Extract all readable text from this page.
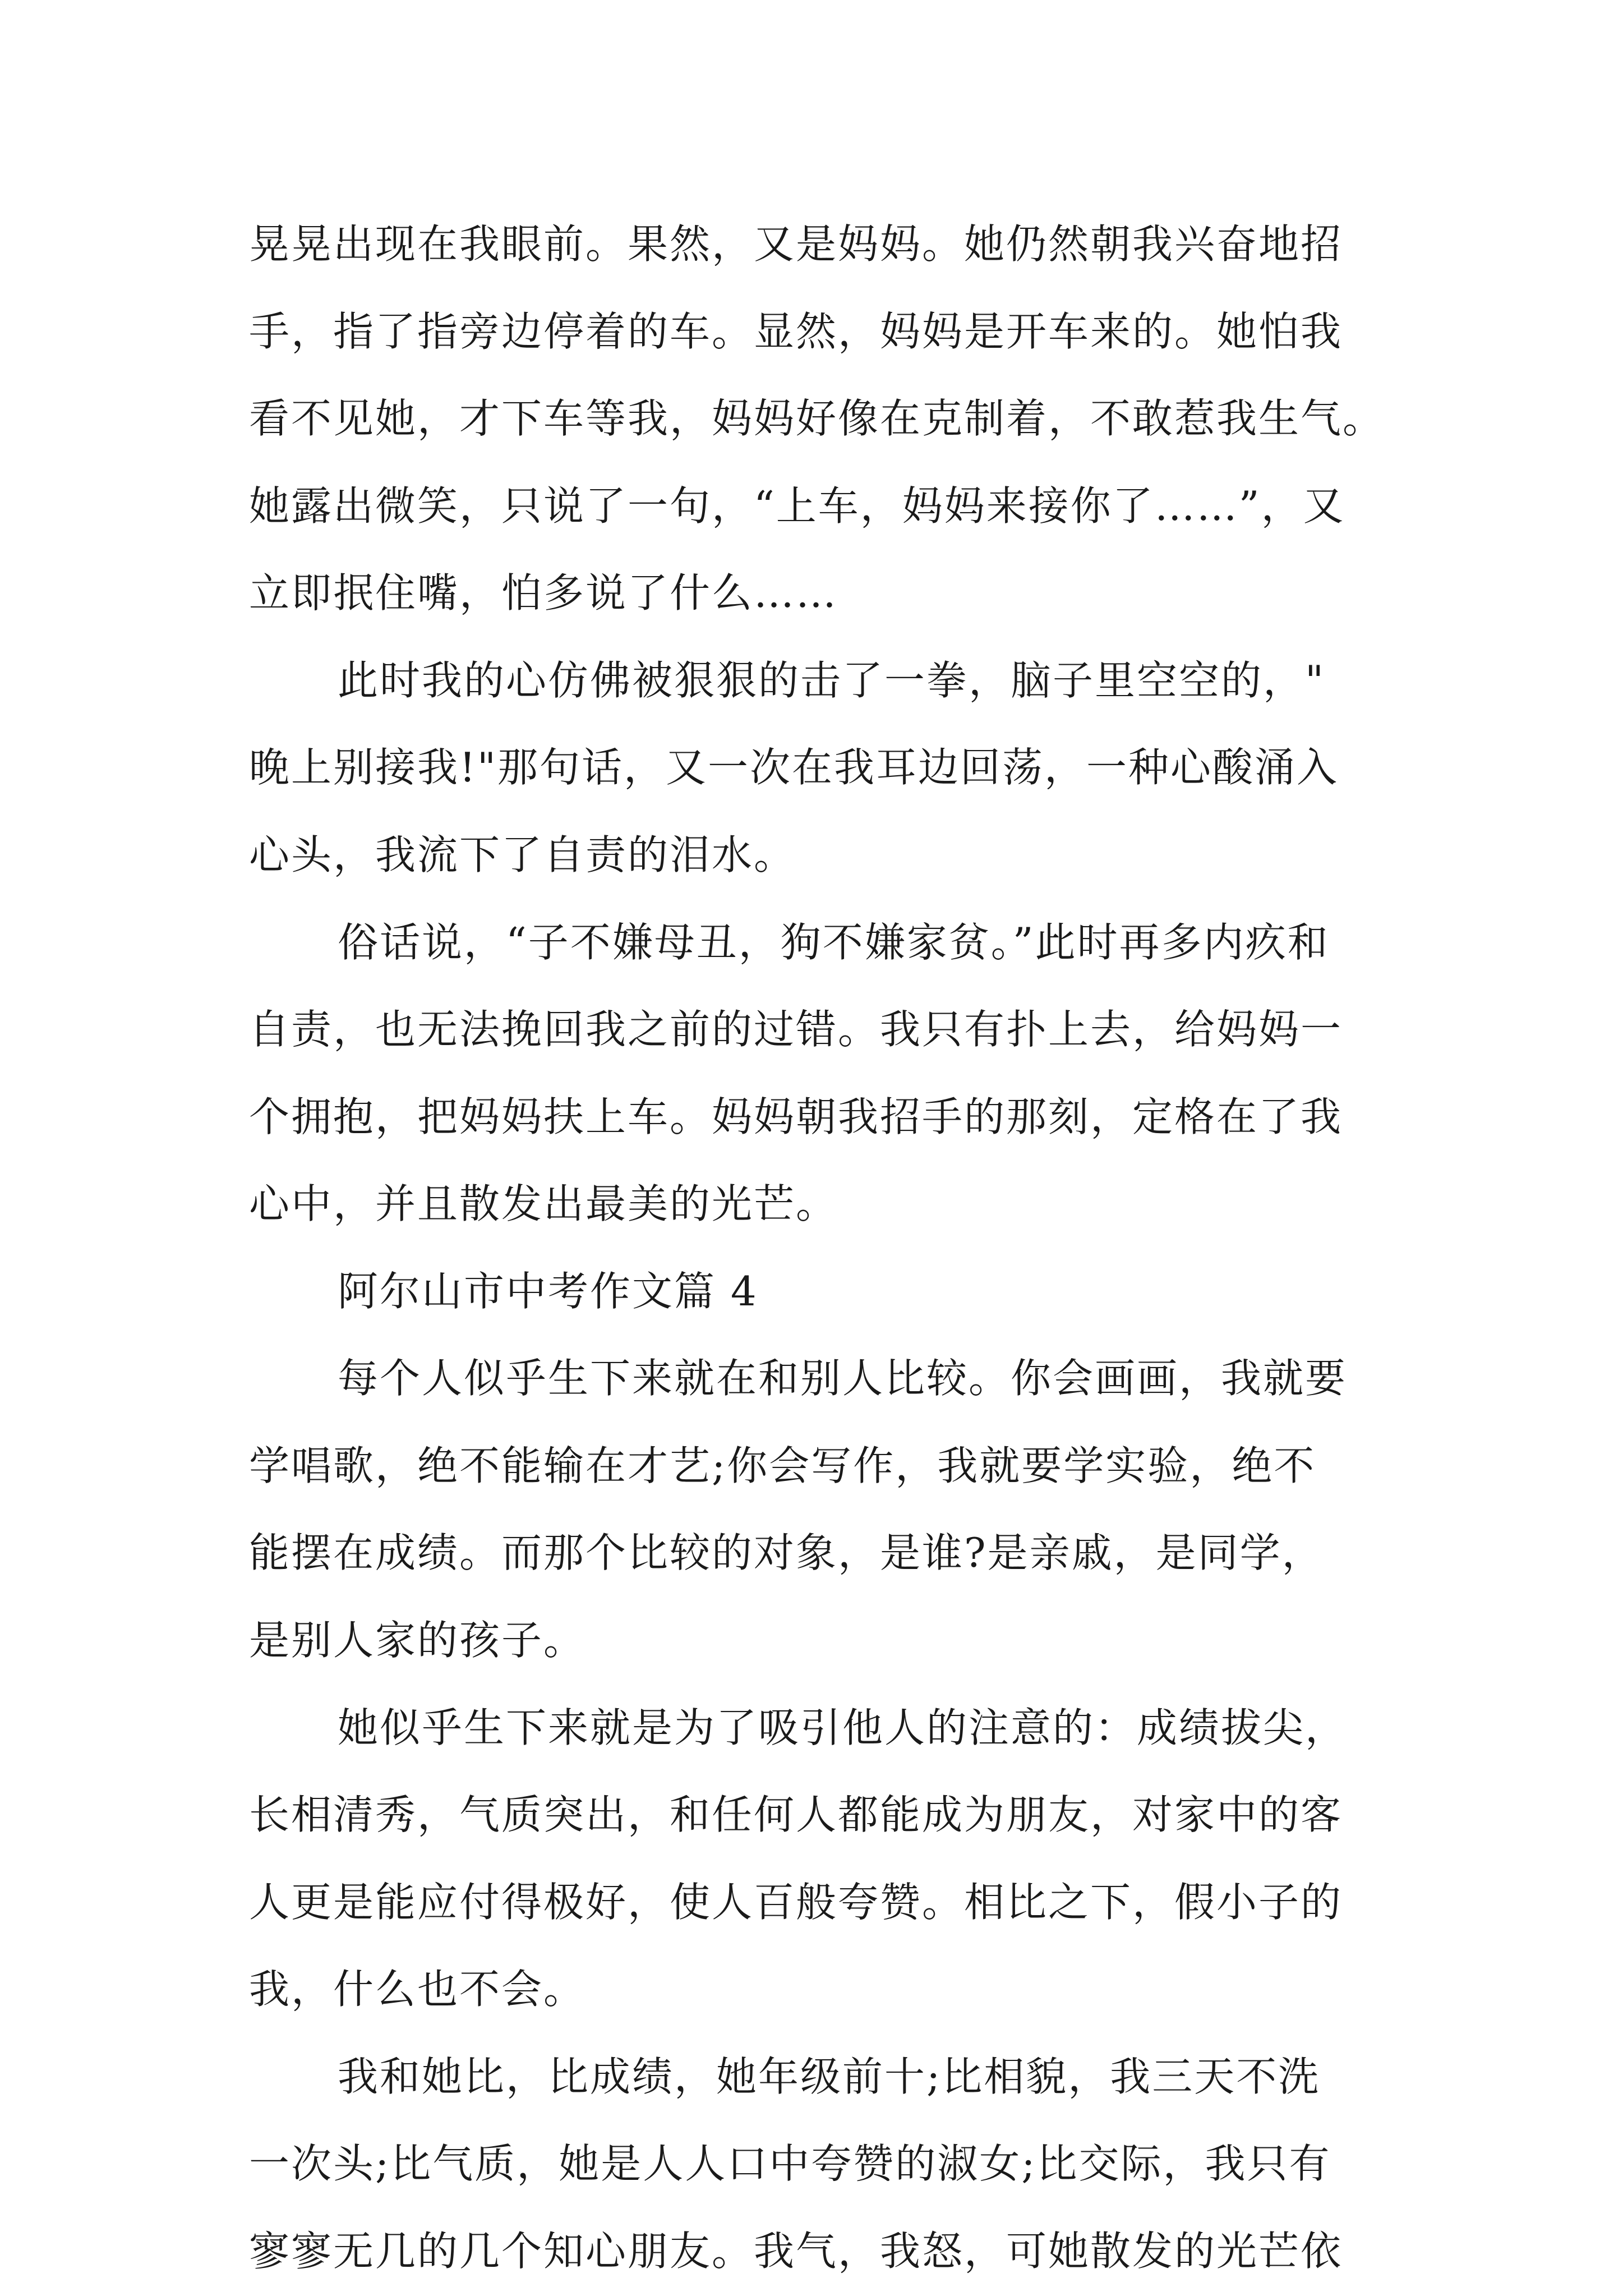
晃晃出现在我眼前。果然，又是妈妈。她仍然朝我兴奋地招
手，指了指旁边停着的车。显然，妈妈是开车来的。她怕我
看不见她，才下车等我，妈妈好像在克制着，不敢惹我生气。
她露出微笑，只说了一句，“上车，妈妈来接你了……”，又
立即抿住嘴，怕多说了什么……
此时我的心仿佛被狠狠的击了一拳，脑子里空空的，"
晚上别接我!"那句话，又一次在我耳边回荡，一种心酸涌入
心头，我流下了自责的泪水。
俗话说，“子不嫌母丑，狗不嫌家贫。”此时再多内疚和
自责，也无法挽回我之前的过错。我只有扑上去，给妈妈一
个拥抱，把妈妈扶上车。妈妈朝我招手的那刻，定格在了我
心中，并且散发出最美的光芒。
阿尔山市中考作文篇 4
每个人似乎生下来就在和别人比较。你会画画，我就要
学唱歌，绝不能输在才艺;你会写作，我就要学实验，绝不
能摆在成绩。而那个比较的对象，是谁?是亲戚，是同学，
是别人家的孩子。
她似乎生下来就是为了吸引他人的注意的：成绩拔尖，
长相清秀，气质突出，和任何人都能成为朋友，对家中的客
人更是能应付得极好，使人百般夸赞。相比之下，假小子的
我，什么也不会。
我和她比，比成绩，她年级前十;比相貌，我三天不洗
一次头;比气质，她是人人口中夸赞的淑女;比交际，我只有
寥寥无几的几个知心朋友。我气，我怒，可她散发的光芒依
